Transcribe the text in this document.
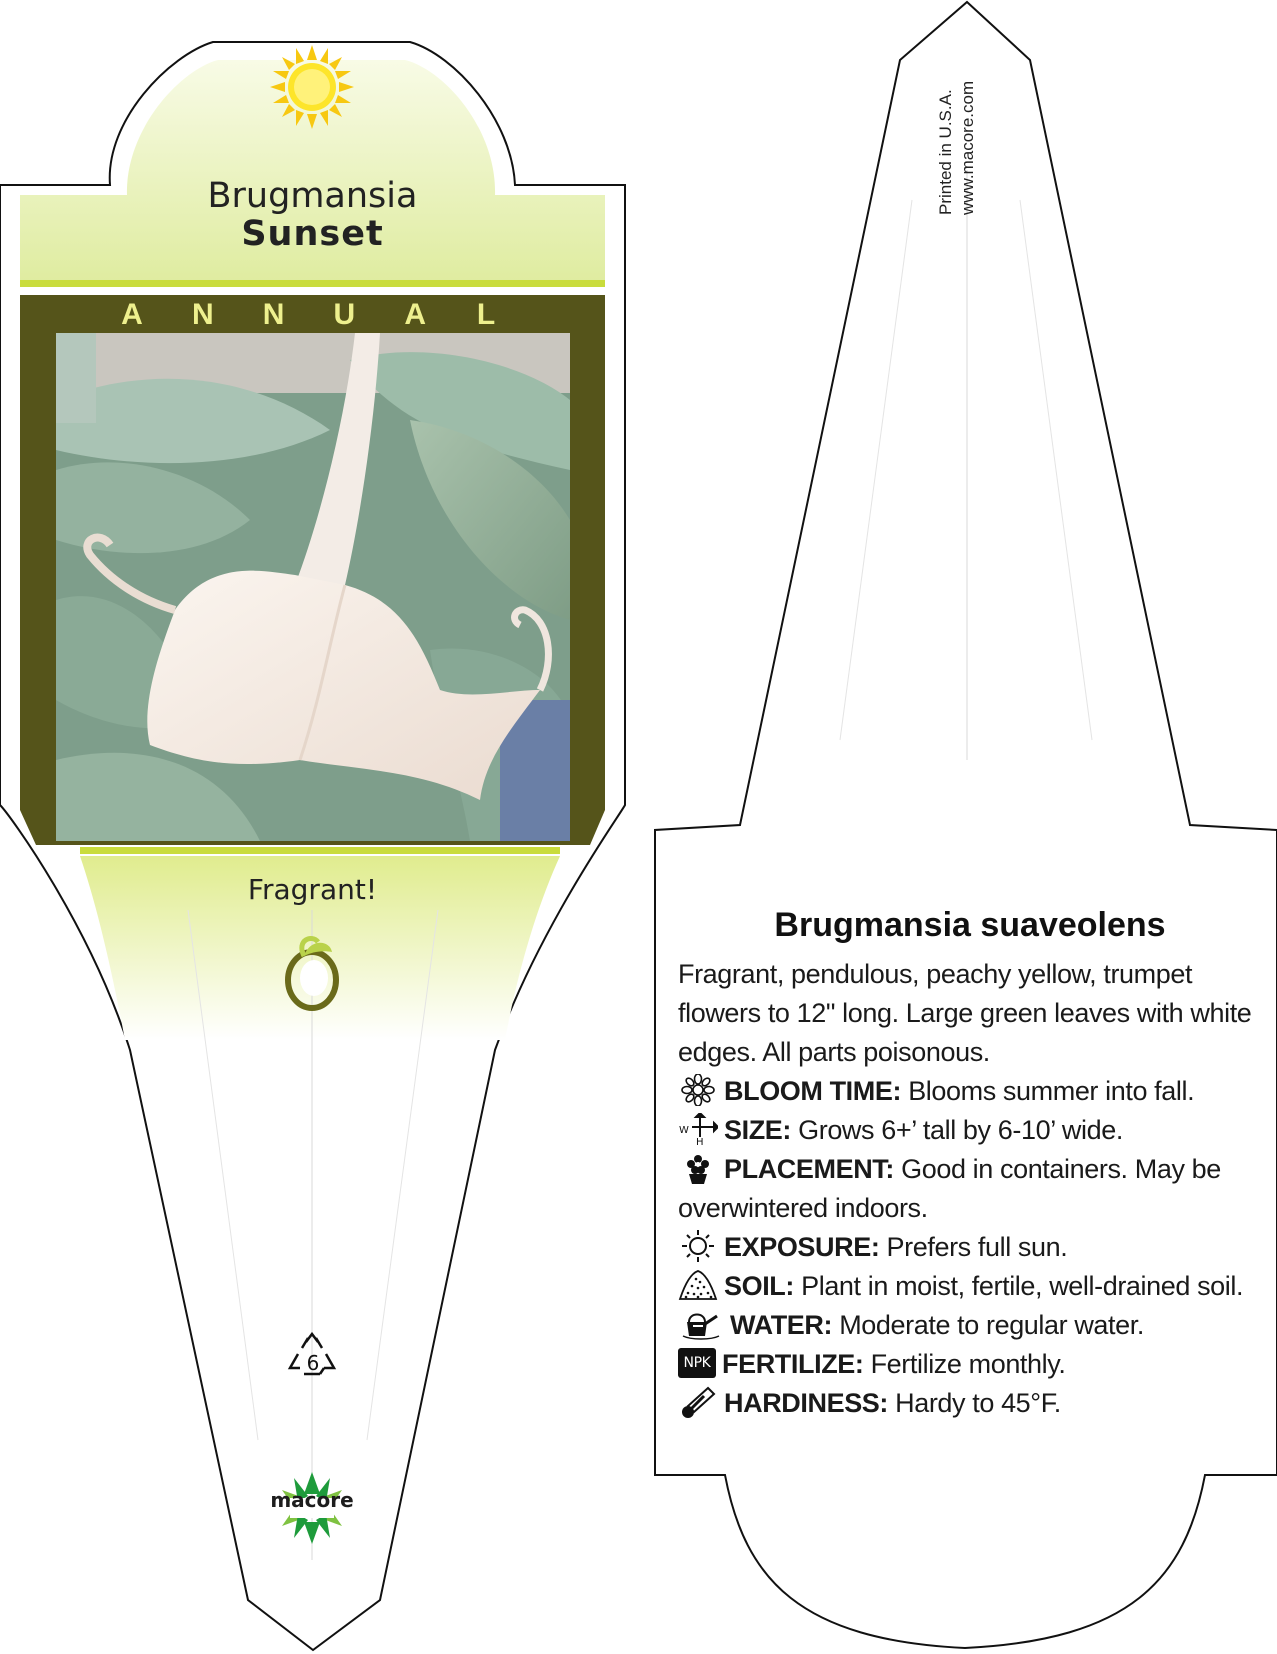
Brugmansia
Sunset
A N N U A L
Fragrant!
6
macore
Printed in U.S.A. www.macore.com
Brugmansia suaveolens
Fragrant, pendulous, peachy yellow, trumpet flowers to 12" long. Large green leaves with white edges. All parts poisonous.
BLOOM TIME: Blooms summer into fall.
W
H SIZE: Grows 6+’ tall by 6-10’ wide.
PLACEMENT: Good in containers. May be overwintered indoors.
EXPOSURE: Prefers full sun.
SOIL: Plant in moist, fertile, well-drained soil.
WATER: Moderate to regular water.
NPK FERTILIZE: Fertilize monthly.
HARDINESS: Hardy to 45°F.
